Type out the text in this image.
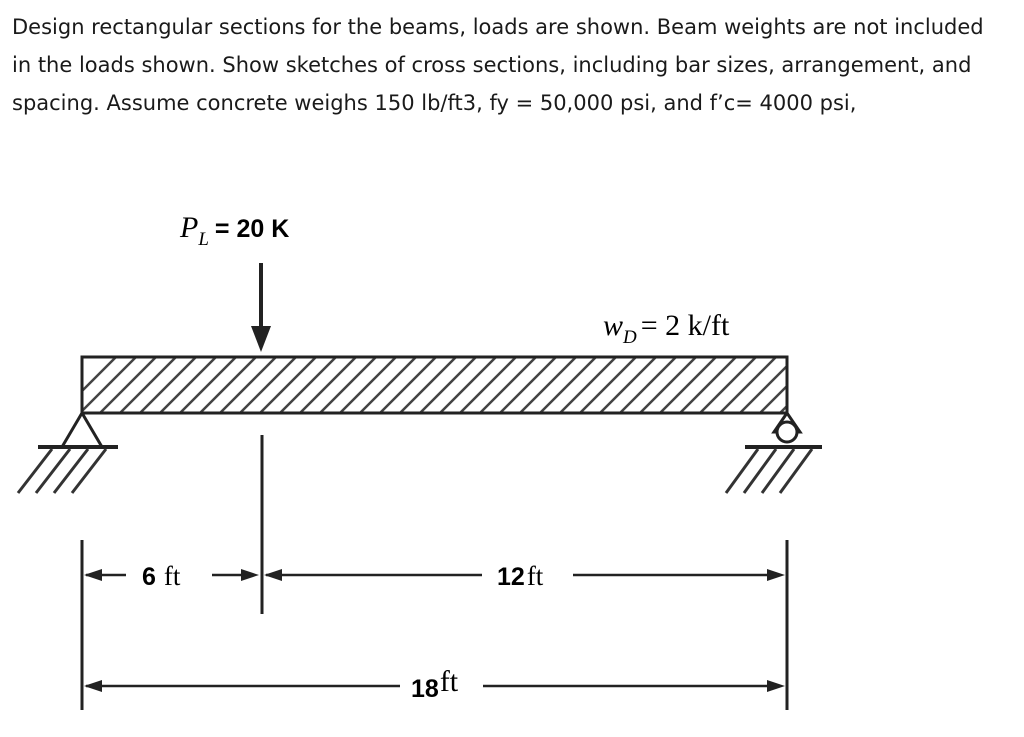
Design rectangular sections for the beams, loads are shown. Beam weights are not included
in the loads shown. Show sketches of cross sections, including bar sizes, arrangement, and
spacing. Assume concrete weighs 150 lb/ft3, fy = 50,000 psi, and f’c= 4000 psi,
PL = 20 K
wD = 2 k/ft
6 ft	12ft
18ft
